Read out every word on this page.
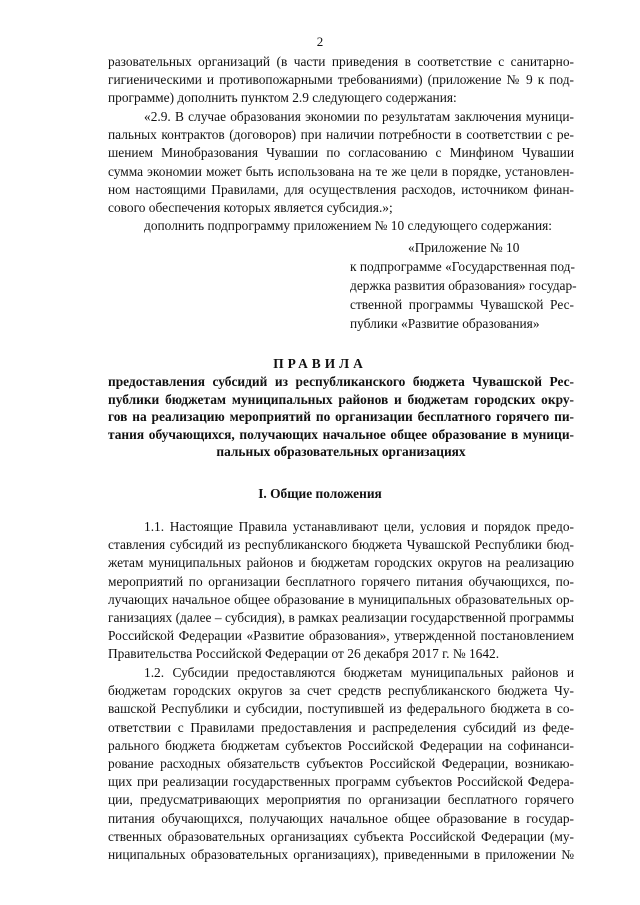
2
разовательных организаций (в части приведения в соответствие с санитарно-
гигиеническими и противопожарными требованиями) (приложение № 9 к под-
программе) дополнить пунктом 2.9 следующего содержания:
«2.9. В случае образования экономии по результатам заключения муници-
пальных контрактов (договоров) при наличии потребности в соответствии с ре-
шением Минобразования Чувашии по согласованию с Минфином Чувашии
сумма экономии может быть использована на те же цели в порядке, установлен-
ном настоящими Правилами, для осуществления расходов, источником финан-
сового обеспечения которых является субсидия.»;
дополнить подпрограмму приложением № 10 следующего содержания:
«Приложение № 10
к подпрограмме «Государственная под-
держка развития образования» государ-
ственной программы Чувашской Рес-
публики «Развитие образования»
ПРАВИЛА
предоставления субсидий из республиканского бюджета Чувашской Рес-
публики бюджетам муниципальных районов и бюджетам городских окру-
гов на реализацию мероприятий по организации бесплатного горячего пи-
тания обучающихся, получающих начальное общее образование в муници-
пальных образовательных организациях
I. Общие положения
1.1. Настоящие Правила устанавливают цели, условия и порядок предо-
ставления субсидий из республиканского бюджета Чувашской Республики бюд-
жетам муниципальных районов и бюджетам городских округов на реализацию
мероприятий по организации бесплатного горячего питания обучающихся, по-
лучающих начальное общее образование в муниципальных образовательных ор-
ганизациях (далее – субсидия), в рамках реализации государственной программы
Российской Федерации «Развитие образования», утвержденной постановлением
Правительства Российской Федерации от 26 декабря 2017 г. № 1642.
1.2. Субсидии предоставляются бюджетам муниципальных районов и
бюджетам городских округов за счет средств республиканского бюджета Чу-
вашской Республики и субсидии, поступившей из федерального бюджета в со-
ответствии с Правилами предоставления и распределения субсидий из феде-
рального бюджета бюджетам субъектов Российской Федерации на софинанси-
рование расходных обязательств субъектов Российской Федерации, возникаю-
щих при реализации государственных программ субъектов Российской Федера-
ции, предусматривающих мероприятия по организации бесплатного горячего
питания обучающихся, получающих начальное общее образование в государ-
ственных образовательных организациях субъекта Российской Федерации (му-
ниципальных образовательных организациях), приведенными в приложении №
